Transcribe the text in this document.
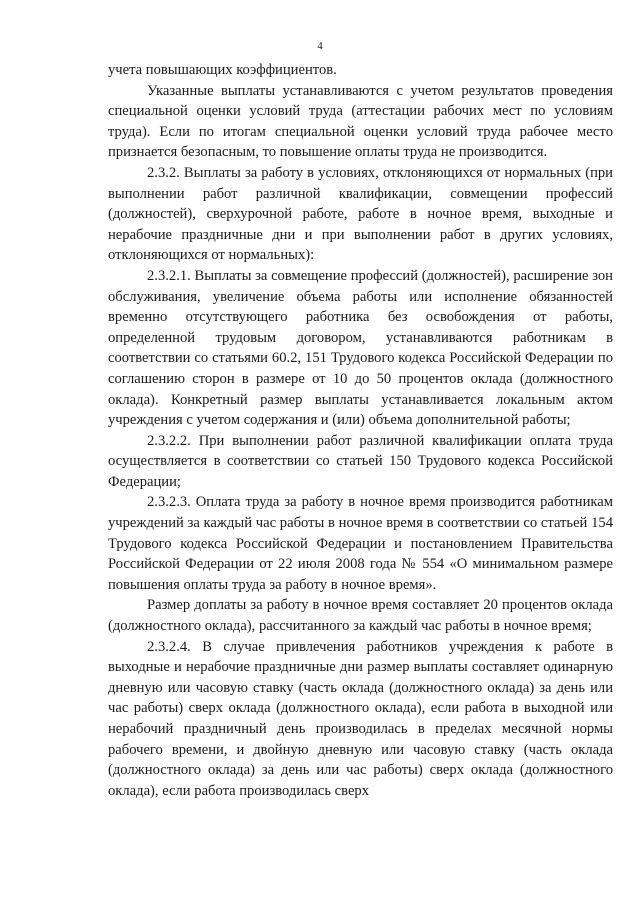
4

учета повышающих коэффициентов.

Указанные выплаты устанавливаются с учетом результатов проведения специальной оценки условий труда (аттестации рабочих мест по условиям труда). Если по итогам специальной оценки условий труда рабочее место признается безопасным, то повышение оплаты труда не производится.

2.3.2. Выплаты за работу в условиях, отклоняющихся от нормальных (при выполнении работ различной квалификации, совмещении профессий (должностей), сверхурочной работе, работе в ночное время, выходные и нерабочие праздничные дни и при выполнении работ в других условиях, отклоняющихся от нормальных):

2.3.2.1. Выплаты за совмещение профессий (должностей), расширение зон обслуживания, увеличение объема работы или исполнение обязанностей временно отсутствующего работника без освобождения от работы, определенной трудовым договором, устанавливаются работникам в соответствии со статьями 60.2, 151 Трудового кодекса Российской Федерации по соглашению сторон в размере от 10 до 50 процентов оклада (должностного оклада). Конкретный размер выплаты устанавливается локальным актом учреждения с учетом содержания и (или) объема дополнительной работы;

2.3.2.2. При выполнении работ различной квалификации оплата труда осуществляется в соответствии со статьей 150 Трудового кодекса Российской Федерации;

2.3.2.3. Оплата труда за работу в ночное время производится работникам учреждений за каждый час работы в ночное время в соответствии со статьей 154 Трудового кодекса Российской Федерации и постановлением Правительства Российской Федерации от 22 июля 2008 года № 554 «О минимальном размере повышения оплаты труда за работу в ночное время».

Размер доплаты за работу в ночное время составляет 20 процентов оклада (должностного оклада), рассчитанного за каждый час работы в ночное время;

2.3.2.4. В случае привлечения работников учреждения к работе в выходные и нерабочие праздничные дни размер выплаты составляет одинарную дневную или часовую ставку (часть оклада (должностного оклада) за день или час работы) сверх оклада (должностного оклада), если работа в выходной или нерабочий праздничный день производилась в пределах месячной нормы рабочего времени, и двойную дневную или часовую ставку (часть оклада (должностного оклада) за день или час работы) сверх оклада (должностного оклада), если работа производилась сверх
